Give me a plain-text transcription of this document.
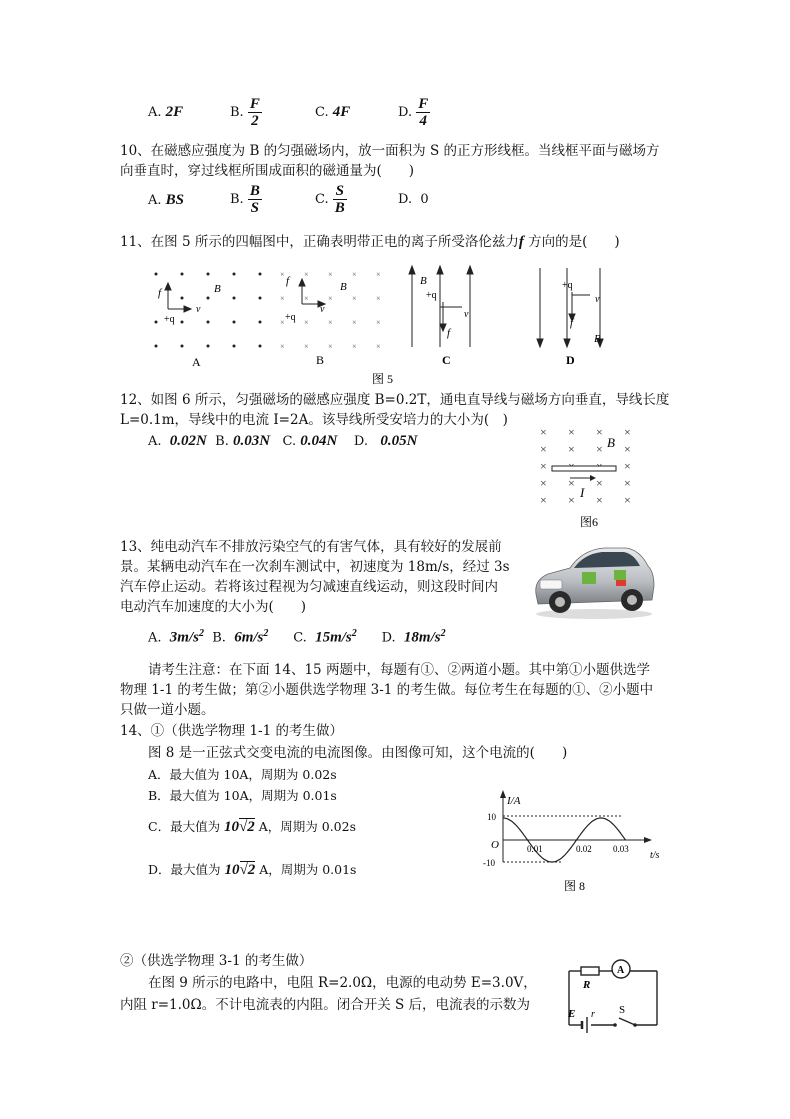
A. 2F	B. $\frac{F}{2}$	C. 4F	D. $\frac{F}{4}$
10、在磁感应强度为 B 的匀强磁场内，放一面积为 S 的正方形线框。当线框平面与磁场方
向垂直时，穿过线框所围成面积的磁通量为(　　)
A. BS	B. $\frac{B}{S}$	C. $\frac{S}{B}$	D. 0
11、在图 5 所示的四幅图中，正确表明带正电的离子所受洛伦兹力f 方向的是(　　)
× × × × ×
× × × × ×
× × × × ×
× × × × ×
f	B
+q
v
f	B
+q
v
B
+q
v
f
+q
v
f
B
A	B	C	D
图 5
12、如图 6 所示，匀强磁场的磁感应强度 B=0.2T，通电直导线与磁场方向垂直，导线长度
L=0.1m，导线中的电流 I=2A。该导线所受安培力的大小为(　)
A. 0.02N B. 0.03N C. 0.04N D. 0.05N
× × × ×
× × × ×
×	×
× × × ×
× × × ×
B
I
图6
13、纯电动汽车不排放污染空气的有害气体，具有较好的发展前
景。某辆电动汽车在一次刹车测试中，初速度为 18m/s，经过 3s
汽车停止运动。若将该过程视为匀减速直线运动，则这段时间内
电动汽车加速度的大小为(　　)
A. $3m/s^2$ B. $6m/s^2$ C. $15m/s^2$ D. $18m/s^2$
请考生注意：在下面 14、15 两题中，每题有①、②两道小题。其中第①小题供选学
物理 1-1 的考生做；第②小题供选学物理 3-1 的考生做。每位考生在每题的①、②小题中
只做一道小题。
14、①（供选学物理 1-1 的考生做）
图 8 是一正弦式交变电流的电流图像。由图像可知，这个电流的(　　)
A．最大值为 10A，周期为 0.02s
B．最大值为 10A，周期为 0.01s
C．最大值为 10√2 A，周期为 0.02s
D．最大值为 10√2 A，周期为 0.01s
I/A
t/s
O
10
-10
0.01	0.02 0.03
图 8
②（供选学物理 3-1 的考生做）
在图 9 所示的电路中，电阻 R=2.0Ω，电源的电动势 E=3.0V，
内阻 r=1.0Ω。不计电流表的内阻。闭合开关 S 后，电流表的示数为
A
R
E r S
